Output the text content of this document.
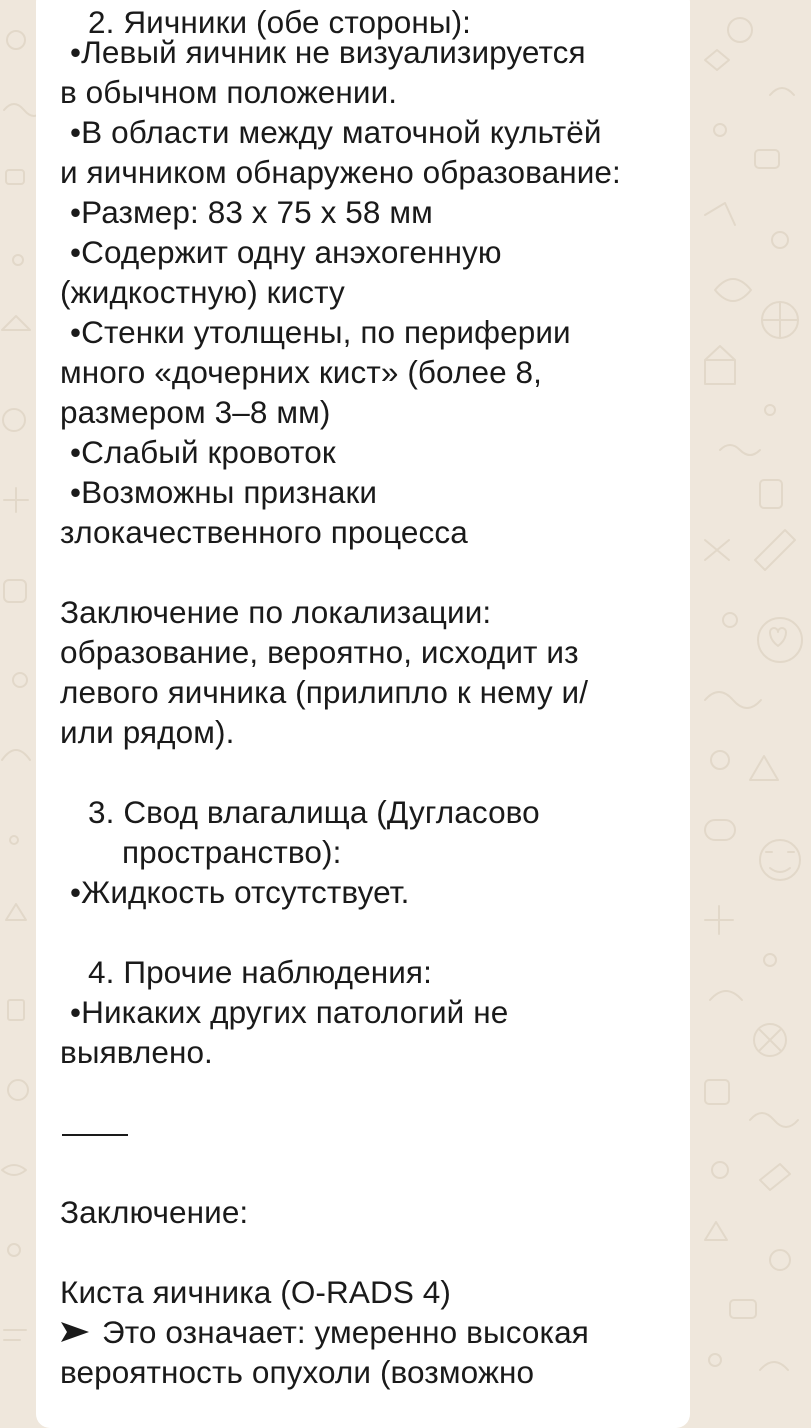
2. Яичники (обе стороны):
•Левый яичник не визуализируется
в обычном положении.
•В области между маточной культёй
и яичником обнаружено образование:
•Размер: 83 x 75 x 58 мм
•Содержит одну анэхогенную
(жидкостную) кисту
•Стенки утолщены, по периферии
много «дочерних кист» (более 8,
размером 3–8 мм)
•Слабый кровоток
•Возможны признаки
злокачественного процесса
Заключение по локализации:
образование, вероятно, исходит из
левого яичника (прилипло к нему и/
или рядом).
3. Свод влагалища (Дугласово
пространство):
•Жидкость отсутствует.
4. Прочие наблюдения:
•Никаких других патологий не
выявлено.
Заключение:
Киста яичника (O-RADS 4)
Это означает: умеренно высокая
вероятность опухоли (возможно
